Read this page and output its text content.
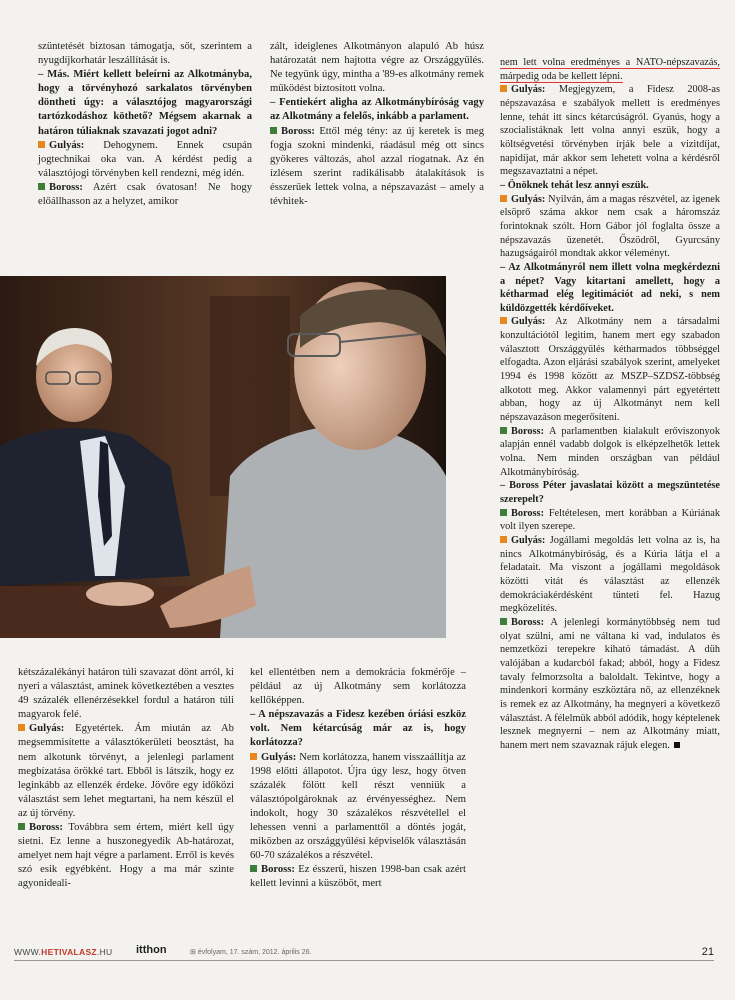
szüntetését biztosan támogatja, sőt, szerintem a nyugdíjkorhatár leszállítását is.

– Más. Miért kellett beleírni az Alkotmányba, hogy a törvényhozó sarkalatos törvényben döntheti úgy: a választójog magyarországi tartózkodáshoz köthető? Mégsem akarnak a határon túliaknak szavazati jogot adni?

Gulyás: Dehogynem. Ennek csupán jogtechnikai oka van. A kérdést pedig a választójogi törvényben kell rendezni, még idén.

Boross: Azért csak óvatosan! Ne hogy előállhasson az a helyzet, amikor

zált, ideiglenes Alkotmányon alapuló Ab húsz határozatát nem hajtotta végre az Országgyűlés. Ne tegyünk úgy, mintha a '89-es alkotmány remek működést biztosított volna.

– Fentiekért aligha az Alkotmánybíróság vagy az Alkotmány a felelős, inkább a parlament.

Boross: Ettől még tény: az új keretek is meg fogja szokni mindenki, ráadásul még ott sincs gyökeres változás, ahol azzal riogatnak. Az én ízlésem szerint radikálisabb átalakítások is ésszerűek lettek volna, a népszavazást – amely a tévhitek-

nem lett volna eredményes a NATO-népszavazás, márpedig oda be kellett lépni.

Gulyás: Megjegyzem, a Fidesz 2008-as népszavazása e szabályok mellett is eredményes lenne, tehát itt sincs kétarcúságról. Gyanús, hogy a szocialistáknak lett volna annyi eszük, hogy a költségvetési törvényben írják bele a vizitdíjat, napidíjat, már akkor sem lehetett volna a kérdésről megszavaztatni a népet.

– Önöknek tehát lesz annyi eszük.

Gulyás: Nyilván, ám a magas részvétel, az igenek elsöprő száma akkor nem csak a háromszáz forintoknak szólt. Horn Gábor jól foglalta össze a népszavazás üzenetét. Őszödről, Gyurcsány hazugságairól mondtak akkor véleményt.

– Az Alkotmányról nem illett volna megkérdezni a népet? Vagy kitartani amellett, hogy a kétharmad elég legitimációt ad neki, s nem küldözgették kérdőíveket.

Gulyás: Az Alkotmány nem a társadalmi konzultációtól legitim, hanem mert egy szabadon választott Országgyűlés kétharmados többséggel elfogadta. Azon eljárási szabályok szerint, amelyeket 1994 és 1998 között az MSZP–SZDSZ-többség alkotott meg. Akkor valamennyi párt egyetértett abban, hogy az új Alkotmányt nem kell népszavazáson megerősíteni.

Boross: A parlamentben kialakult erőviszonyok alapján ennél vadabb dolgok is elképzelhetők lettek volna. Nem minden országban van például Alkotmánybíróság.

– Boross Péter javaslatai között a megszüntetése szerepelt?

Boross: Feltételesen, mert korábban a Kúriának volt ilyen szerepe.

Gulyás: Jogállami megoldás lett volna az is, ha nincs Alkotmánybíróság, és a Kúria látja el a feladatait. Ma viszont a jogállami megoldások közötti vitát és választást az ellenzék demokráciakérdésként tünteti fel. Hazug megközelítés.

Boross: A jelenlegi kormánytöbbség nem tud olyat szülni, ami ne váltana ki vad, indulatos és nemzetközi terepekre kiható támadást. A düh valójában a kudarcból fakad; abból, hogy a Fidesz tavaly felmorzsolta a baloldalt. Tekintve, hogy a mindenkori kormány eszköztára nő, az ellenzéknek is remek ez az Alkotmány, ha megnyeri a következő választást. A félelmük abból adódik, hogy képtelenek lesznek megnyerni – nem az Alkotmány miatt, hanem mert nem szavaznak rájuk elegen.

kétszázalékányi határon túli szavazat dönt arról, ki nyeri a választást, aminek következtében a vesztes 49 százalék ellenérzésekkel fordul a határon túli magyarok felé.

Gulyás: Egyetértek. Ám miután az Ab megsemmisítette a választókerületi beosztást, ha nem alkotunk törvényt, a jelenlegi parlament megbízatása örökké tart. Ebből is látszik, hogy ez leginkább az ellenzék érdeke. Jövőre egy időközi választást sem lehet megtartani, ha nem készül el az új törvény.

Boross: Továbbra sem értem, miért kell úgy sietni. Ez lenne a huszonegyedik Ab-határozat, amelyet nem hajt végre a parlament. Erről is kevés szó esik egyébként. Hogy a ma már szinte agyonideali-

kel ellentétben nem a demokrácia fokmérője – például az új Alkotmány sem korlátozza kellőképpen.

– A népszavazás a Fidesz kezében óriási eszköz volt. Nem kétarcúság már az is, hogy korlátozza?

Gulyás: Nem korlátozza, hanem visszaállítja az 1998 előtti állapotot. Újra úgy lesz, hogy ötven százalék fölött kell részt venniük a választópolgároknak az érvényességhez. Nem indokolt, hogy 30 százalékos részvétellel el lehessen venni a parlamenttől a döntés jogát, miközben az országgyűlési képviselők választásán 60-70 százalékos a részvétel.

Boross: Ez ésszerű, hiszen 1998-ban csak azért kellett levinni a küszöböt, mert

WWW.HETIVALASZ.HU itthon	⊞ évfolyam, 17. szám, 2012. április 26.	21
